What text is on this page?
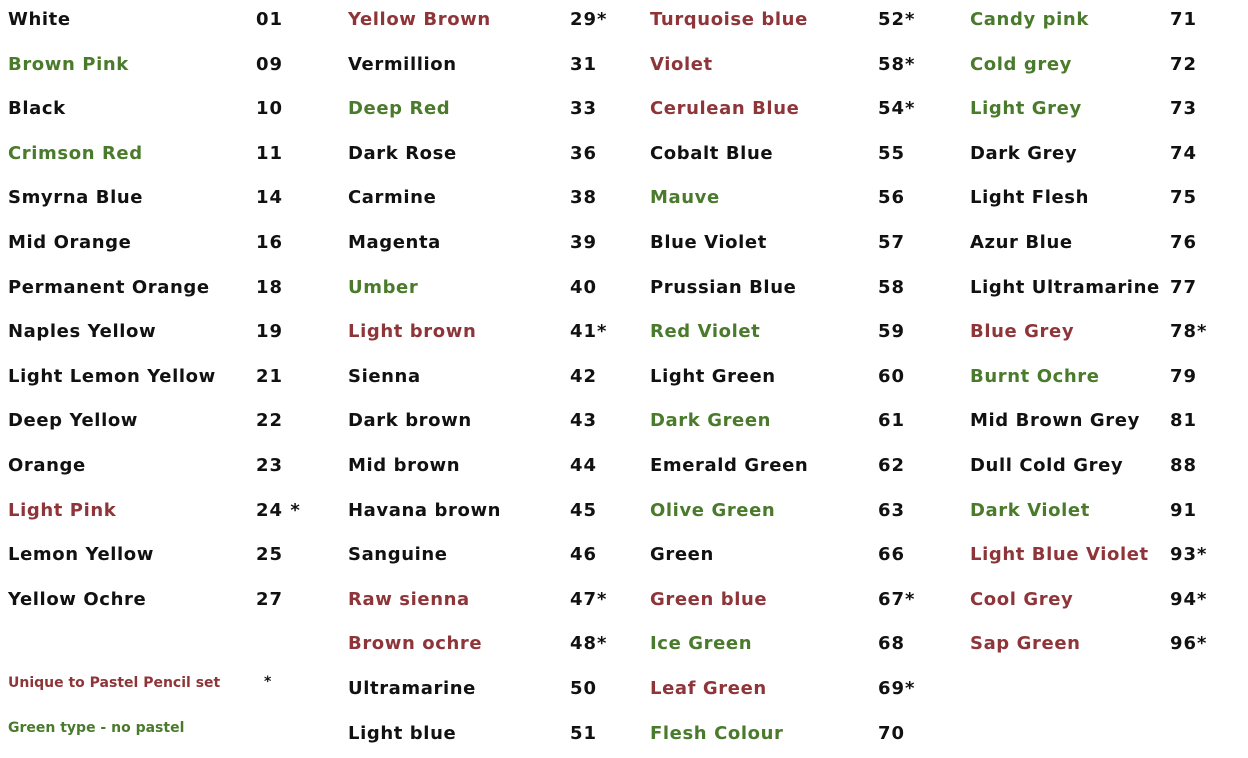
White	01
Brown Pink	09
Black	10
Crimson Red	11
Smyrna Blue	14
Mid Orange	16
Permanent Orange	18
Naples Yellow	19
Light Lemon Yellow 21
Deep Yellow	22
Orange	23
Light Pink	24 *
Lemon Yellow	25
Yellow Ochre	27
Yellow Brown	29*
Vermillion	31
Deep Red	33
Dark Rose	36
Carmine	38
Magenta	39
Umber	40
Light brown	41*
Sienna	42
Dark brown	43
Mid brown	44
Havana brown	45
Sanguine	46
Raw sienna	47*
Brown ochre	48*
Ultramarine	50
Light blue	51
Turquoise blue	52*
Violet	58*
Cerulean Blue	54*
Cobalt Blue	55
Mauve	56
Blue Violet	57
Prussian Blue	58
Red Violet	59
Light Green	60
Dark Green	61
Emerald Green	62
Olive Green	63
Green	66
Green blue	67*
Ice Green	68
Leaf Green	69*
Flesh Colour	70
Candy pink	71
Cold grey	72
Light Grey	73
Dark Grey	74
Light Flesh	75
Azur Blue	76
Light Ultramarine 77
Blue Grey	78*
Burnt Ochre	79
Mid Brown Grey 81
Dull Cold Grey	88
Dark Violet	91
Light Blue Violet 93*
Cool Grey	94*
Sap Green	96*
Unique to Pastel Pencil set	*
Green type - no pastel
